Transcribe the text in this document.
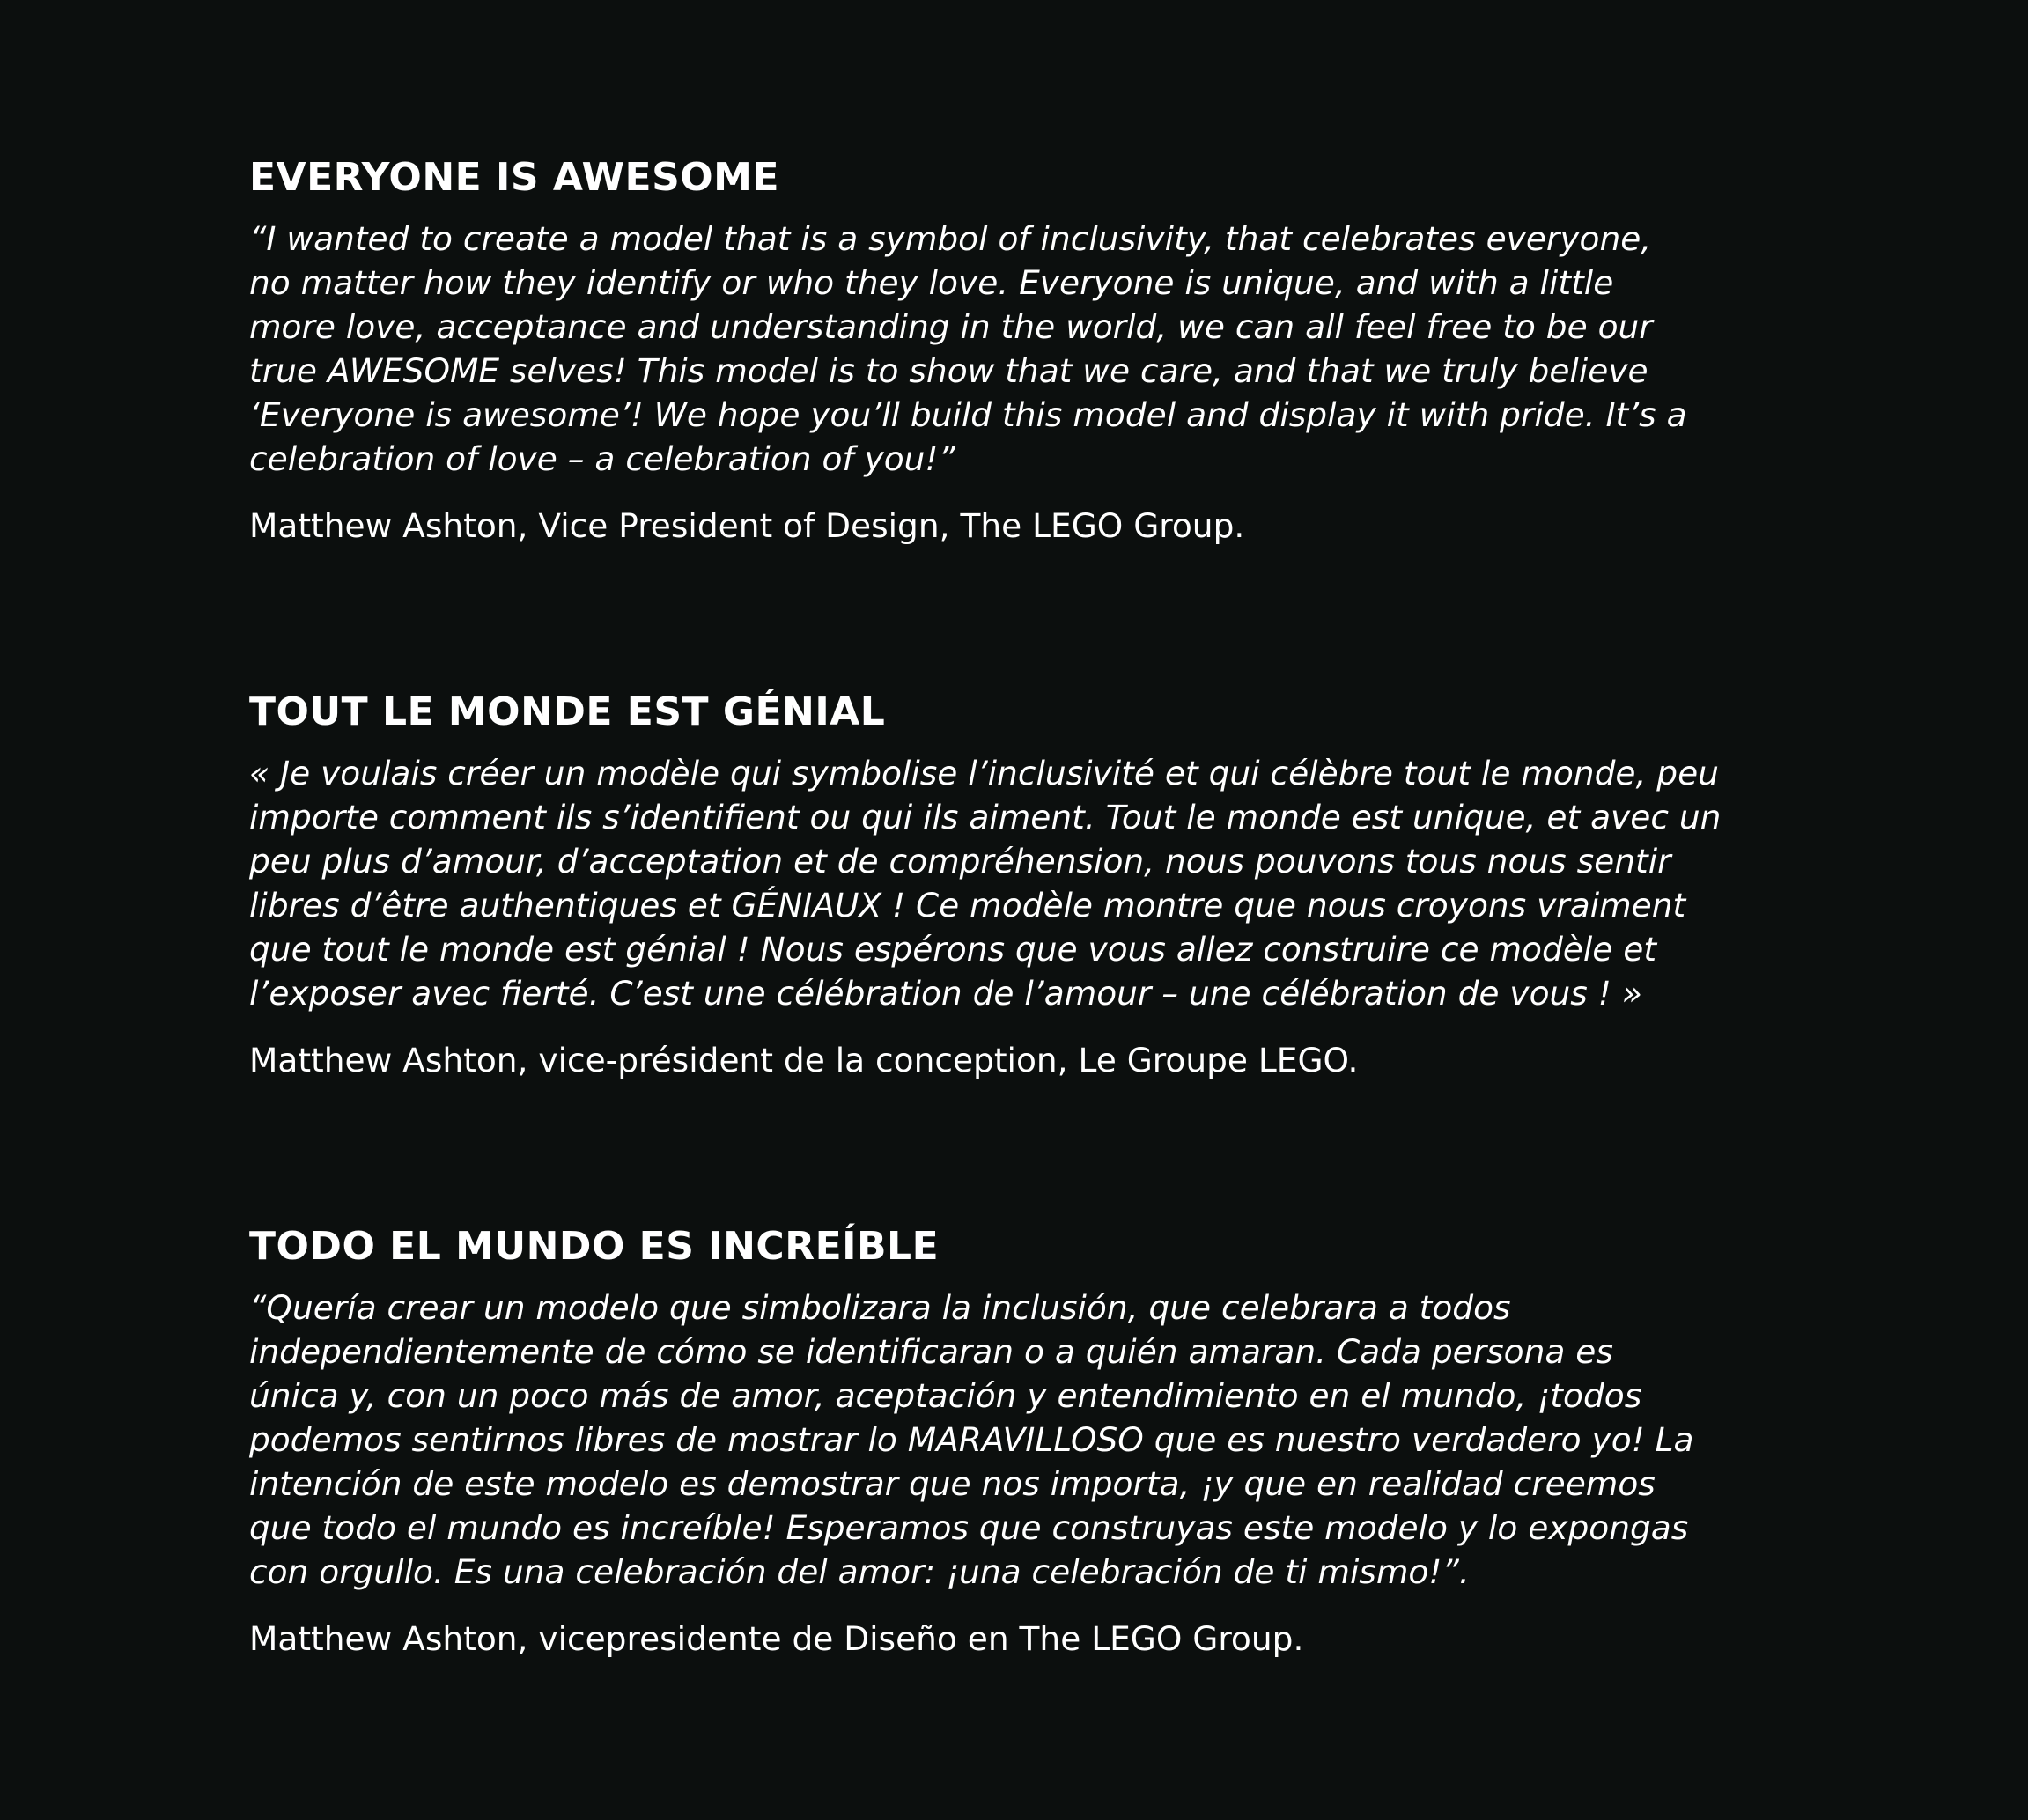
EVERYONE IS AWESOME

“I wanted to create a model that is a symbol of inclusivity, that celebrates everyone,
no matter how they identify or who they love. Everyone is unique, and with a little
more love, acceptance and understanding in the world, we can all feel free to be our
true AWESOME selves! This model is to show that we care, and that we truly believe
‘Everyone is awesome’! We hope you’ll build this model and display it with pride. It’s a
celebration of love – a celebration of you!”

Matthew Ashton, Vice President of Design, The LEGO Group.

TOUT LE MONDE EST GÉNIAL

« Je voulais créer un modèle qui symbolise l’inclusivité et qui célèbre tout le monde, peu
importe comment ils s’identifient ou qui ils aiment. Tout le monde est unique, et avec un
peu plus d’amour, d’acceptation et de compréhension, nous pouvons tous nous sentir
libres d’être authentiques et GÉNIAUX ! Ce modèle montre que nous croyons vraiment
que tout le monde est génial ! Nous espérons que vous allez construire ce modèle et
l’exposer avec fierté. C’est une célébration de l’amour – une célébration de vous ! »

Matthew Ashton, vice-président de la conception, Le Groupe LEGO.

TODO EL MUNDO ES INCREÍBLE

“Quería crear un modelo que simbolizara la inclusión, que celebrara a todos
independientemente de cómo se identificaran o a quién amaran. Cada persona es
única y, con un poco más de amor, aceptación y entendimiento en el mundo, ¡todos
podemos sentirnos libres de mostrar lo MARAVILLOSO que es nuestro verdadero yo! La
intención de este modelo es demostrar que nos importa, ¡y que en realidad creemos
que todo el mundo es increíble! Esperamos que construyas este modelo y lo expongas
con orgullo. Es una celebración del amor: ¡una celebración de ti mismo!”.

Matthew Ashton, vicepresidente de Diseño en The LEGO Group.
